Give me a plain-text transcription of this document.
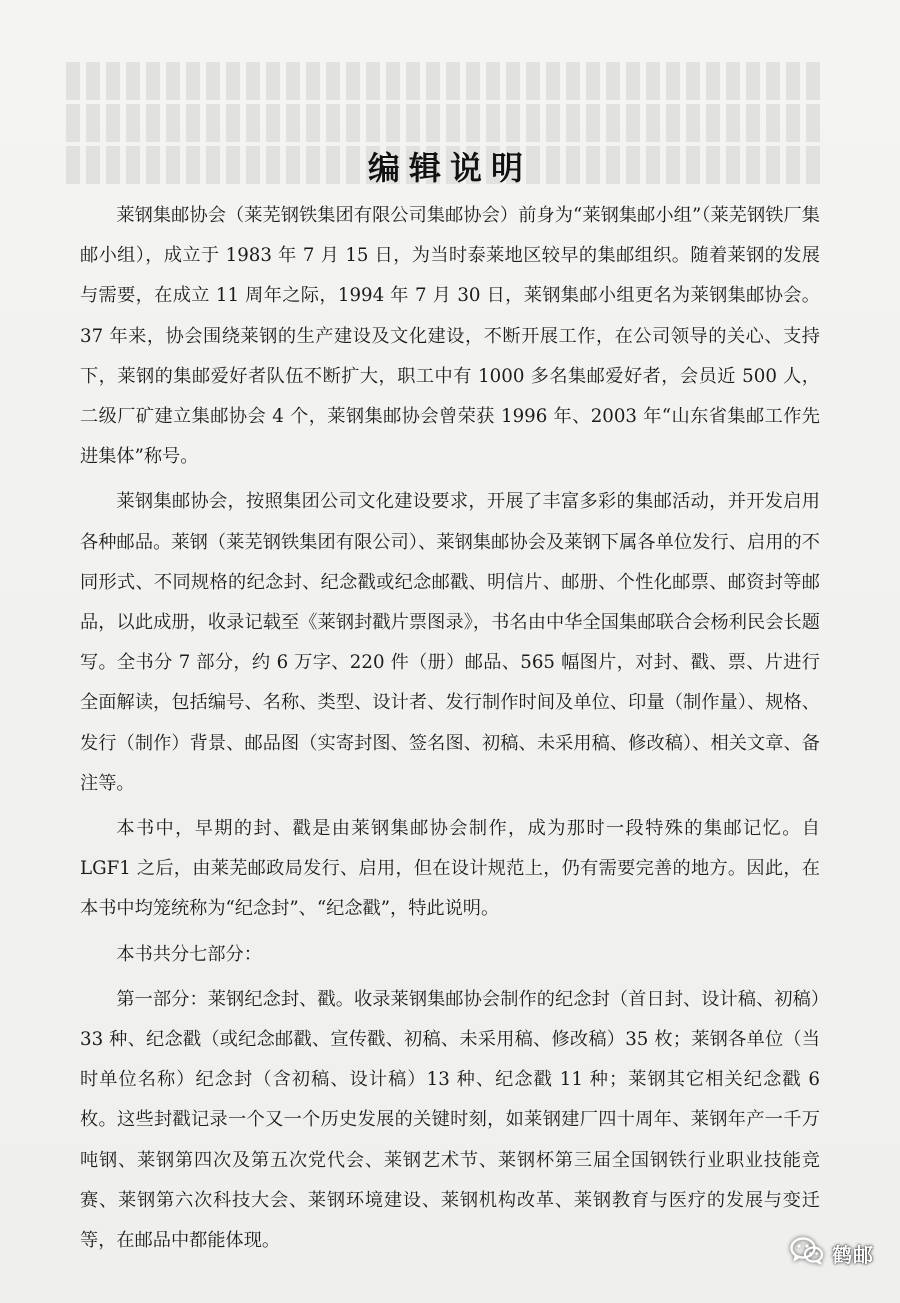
编辑说明

莱钢集邮协会（莱芜钢铁集团有限公司集邮协会）前身为“莱钢集邮小组”（莱芜钢铁厂集邮小组），成立于 1983 年 7 月 15 日，为当时泰莱地区较早的集邮组织。随着莱钢的发展与需要，在成立 11 周年之际，1994 年 7 月 30 日，莱钢集邮小组更名为莱钢集邮协会。37 年来，协会围绕莱钢的生产建设及文化建设，不断开展工作，在公司领导的关心、支持下，莱钢的集邮爱好者队伍不断扩大，职工中有 1000 多名集邮爱好者，会员近 500 人，二级厂矿建立集邮协会 4 个，莱钢集邮协会曾荣获 1996 年、2003 年“山东省集邮工作先进集体”称号。

莱钢集邮协会，按照集团公司文化建设要求，开展了丰富多彩的集邮活动，并开发启用各种邮品。莱钢（莱芜钢铁集团有限公司）、莱钢集邮协会及莱钢下属各单位发行、启用的不同形式、不同规格的纪念封、纪念戳或纪念邮戳、明信片、邮册、个性化邮票、邮资封等邮品，以此成册，收录记载至《莱钢封戳片票图录》，书名由中华全国集邮联合会杨利民会长题写。全书分 7 部分，约 6 万字、220 件（册）邮品、565 幅图片，对封、戳、票、片进行全面解读，包括编号、名称、类型、设计者、发行制作时间及单位、印量（制作量）、规格、发行（制作）背景、邮品图（实寄封图、签名图、初稿、未采用稿、修改稿）、相关文章、备注等。

本书中，早期的封、戳是由莱钢集邮协会制作，成为那时一段特殊的集邮记忆。自 LGF1 之后，由莱芜邮政局发行、启用，但在设计规范上，仍有需要完善的地方。因此，在本书中均笼统称为“纪念封”、“纪念戳”，特此说明。

本书共分七部分：

第一部分：莱钢纪念封、戳。收录莱钢集邮协会制作的纪念封（首日封、设计稿、初稿）33 种、纪念戳（或纪念邮戳、宣传戳、初稿、未采用稿、修改稿）35 枚；莱钢各单位（当时单位名称）纪念封（含初稿、设计稿）13 种、纪念戳 11 种；莱钢其它相关纪念戳 6 枚。这些封戳记录一个又一个历史发展的关键时刻，如莱钢建厂四十周年、莱钢年产一千万吨钢、莱钢第四次及第五次党代会、莱钢艺术节、莱钢杯第三届全国钢铁行业职业技能竞赛、莱钢第六次科技大会、莱钢环境建设、莱钢机构改革、莱钢教育与医疗的发展与变迁等，在邮品中都能体现。

鹤邮
